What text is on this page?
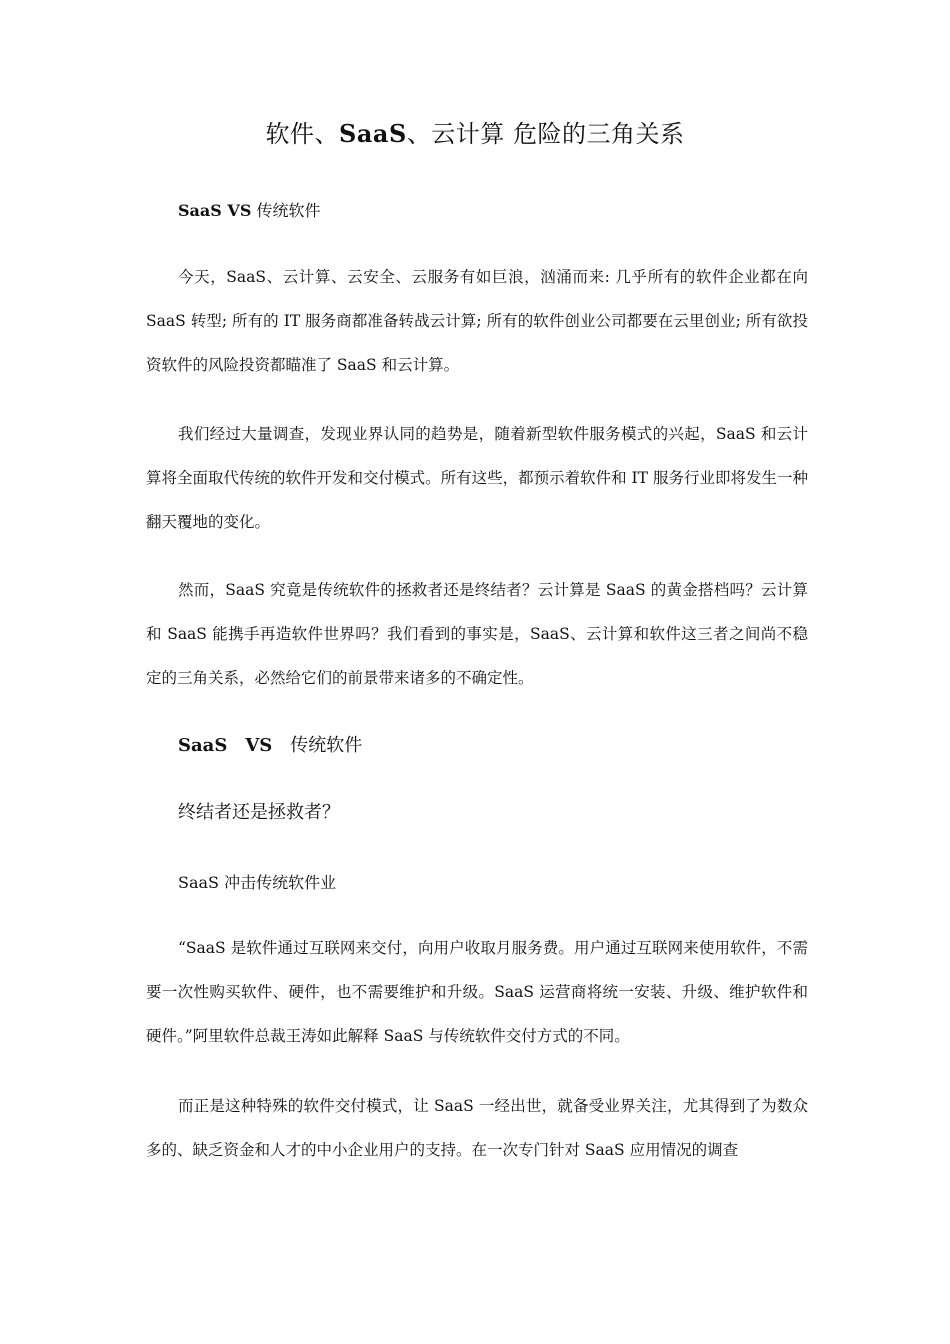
软件、SaaS、云计算 危险的三角关系
SaaS VS 传统软件

今天，SaaS、云计算、云安全、云服务有如巨浪，汹涌而来: 几乎所有的软件企业都在向 SaaS 转型; 所有的 IT 服务商都准备转战云计算; 所有的软件创业公司都要在云里创业; 所有欲投资软件的风险投资都瞄准了 SaaS 和云计算。

我们经过大量调查，发现业界认同的趋势是，随着新型软件服务模式的兴起，SaaS 和云计算将全面取代传统的软件开发和交付模式。所有这些，都预示着软件和 IT 服务行业即将发生一种翻天覆地的变化。

然而，SaaS 究竟是传统软件的拯救者还是终结者？云计算是 SaaS 的黄金搭档吗？云计算和 SaaS 能携手再造软件世界吗？我们看到的事实是，SaaS、云计算和软件这三者之间尚不稳定的三角关系，必然给它们的前景带来诸多的不确定性。

SaaS　VS　传统软件
终结者还是拯救者？
SaaS 冲击传统软件业

“SaaS 是软件通过互联网来交付，向用户收取月服务费。用户通过互联网来使用软件，不需要一次性购买软件、硬件，也不需要维护和升级。SaaS 运营商将统一安装、升级、维护软件和硬件。”阿里软件总裁王涛如此解释 SaaS 与传统软件交付方式的不同。

而正是这种特殊的软件交付模式，让 SaaS 一经出世，就备受业界关注，尤其得到了为数众多的、缺乏资金和人才的中小企业用户的支持。在一次专门针对 SaaS 应用情况的调查
